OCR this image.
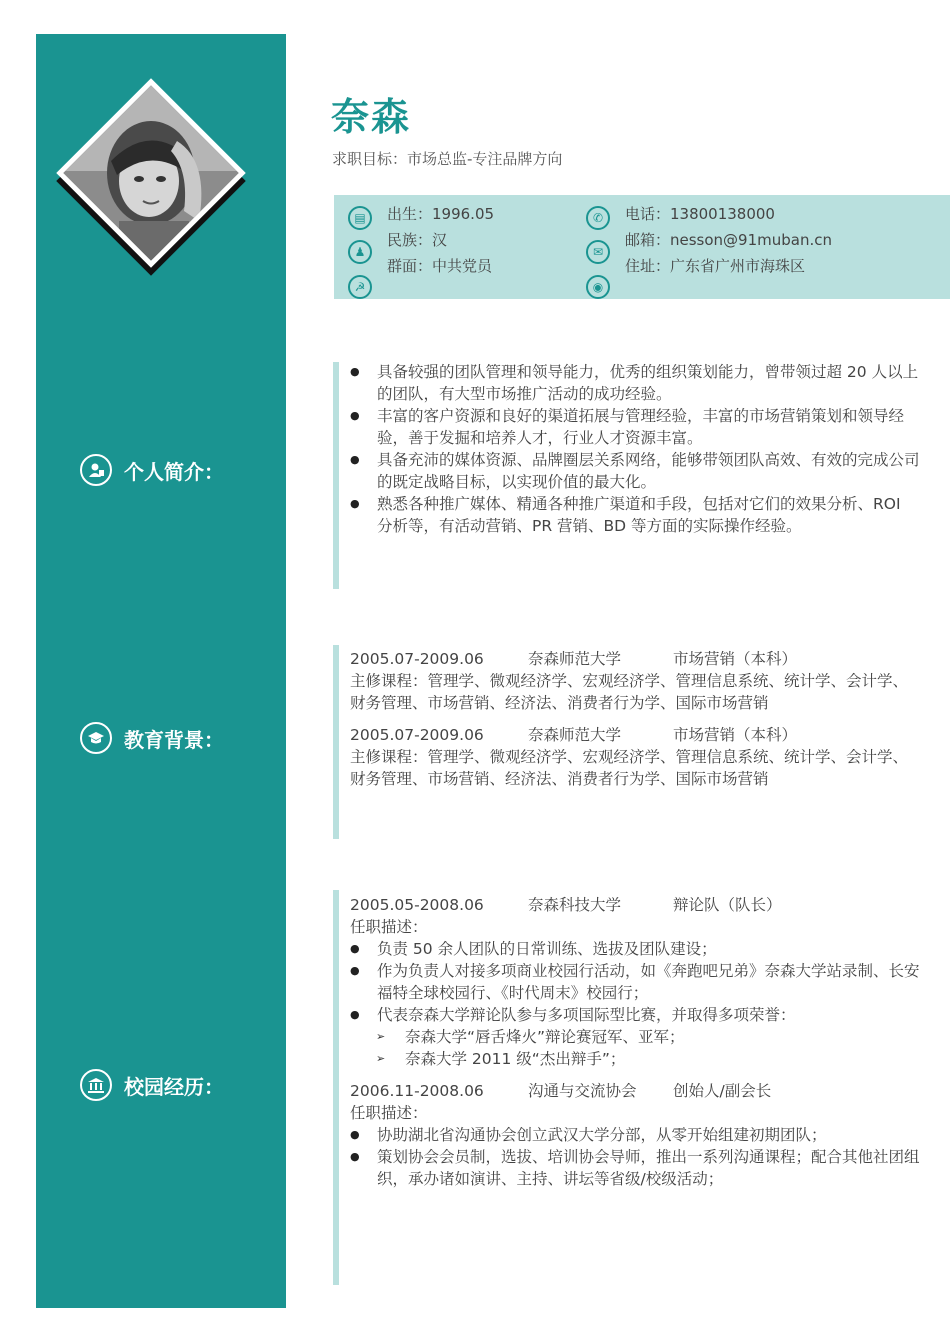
奈森
求职目标：市场总监-专注品牌方向
▤
♟
☭
出生：1996.05
民族：汉
群面：中共党员
✆
✉
◉
电话：13800138000
邮箱：nesson@91muban.cn
住址：广东省广州市海珠区
个人简介：
教育背景：
校园经历：
● 具备较强的团队管理和领导能力，优秀的组织策划能力，曾带领过超 20 人以上的团队，有大型市场推广活动的成功经验。
● 丰富的客户资源和良好的渠道拓展与管理经验，丰富的市场营销策划和领导经验，善于发掘和培养人才，行业人才资源丰富。
● 具备充沛的媒体资源、品牌圈层关系网络，能够带领团队高效、有效的完成公司的既定战略目标，以实现价值的最大化。
● 熟悉各种推广媒体、精通各种推广渠道和手段，包括对它们的效果分析、ROI 分析等，有活动营销、PR 营销、BD 等方面的实际操作经验。
2005.07-2009.06	奈森师范大学	市场营销（本科）
主修课程：管理学、微观经济学、宏观经济学、管理信息系统、统计学、会计学、财务管理、市场营销、经济法、消费者行为学、国际市场营销
2005.07-2009.06	奈森师范大学	市场营销（本科）
主修课程：管理学、微观经济学、宏观经济学、管理信息系统、统计学、会计学、财务管理、市场营销、经济法、消费者行为学、国际市场营销
2005.05-2008.06	奈森科技大学	辩论队（队长）
任职描述：
● 负责 50 余人团队的日常训练、选拔及团队建设；
● 作为负责人对接多项商业校园行活动，如《奔跑吧兄弟》奈森大学站录制、长安福特全球校园行、《时代周末》校园行；
● 代表奈森大学辩论队参与多项国际型比赛，并取得多项荣誉：
➢ 奈森大学“唇舌烽火”辩论赛冠军、亚军；
➢ 奈森大学 2011 级“杰出辩手”；
2006.11-2008.06	沟通与交流协会	创始人/副会长
任职描述：
● 协助湖北省沟通协会创立武汉大学分部，从零开始组建初期团队；
● 策划协会会员制，选拔、培训协会导师，推出一系列沟通课程；配合其他社团组织，承办诸如演讲、主持、讲坛等省级/校级活动；
